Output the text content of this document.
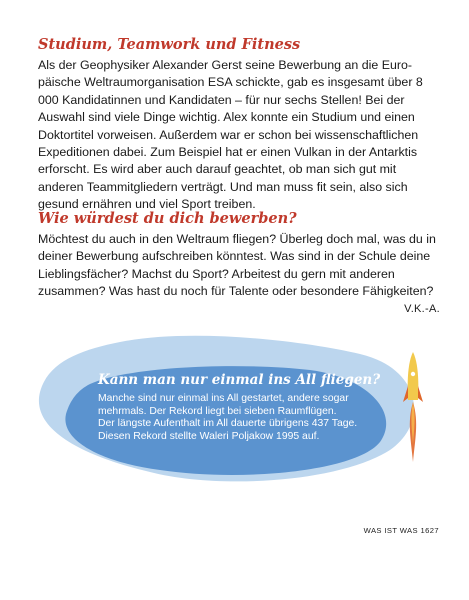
Studium, Teamwork und Fitness

Als der Geophysiker Alexander Gerst seine Bewerbung an die Europäische Weltraumorganisation ESA schickte, gab es insgesamt über 8 000 Kandidatinnen und Kandidaten – für nur sechs Stellen! Bei der Auswahl sind viele Dinge wichtig. Alex konnte ein Studium und einen Doktortitel vorweisen. Außerdem war er schon bei wissenschaftlichen Expeditionen dabei. Zum Beispiel hat er einen Vulkan in der Antarktis erforscht. Es wird aber auch darauf geachtet, ob man sich gut mit anderen Teammitgliedern verträgt. Und man muss fit sein, also sich gesund ernähren und viel Sport treiben.

Wie würdest du dich bewerben?

Möchtest du auch in den Weltraum fliegen? Überleg doch mal, was du in deiner Bewerbung aufschreiben könntest. Was sind in der Schule deine Lieblingsfächer? Machst du Sport? Arbeitest du gern mit anderen zusammen? Was hast du noch für Talente oder besondere Fähigkeiten?
V.K.-A.

Kann man nur einmal ins All fliegen?

Manche sind nur einmal ins All gestartet, andere sogar

mehrmals. Der Rekord liegt bei sieben Raumflügen.

Der längste Aufenthalt im All dauerte übrigens 437 Tage.

Diesen Rekord stellte Waleri Poljakow 1995 auf.

WAS IST WAS 1627
